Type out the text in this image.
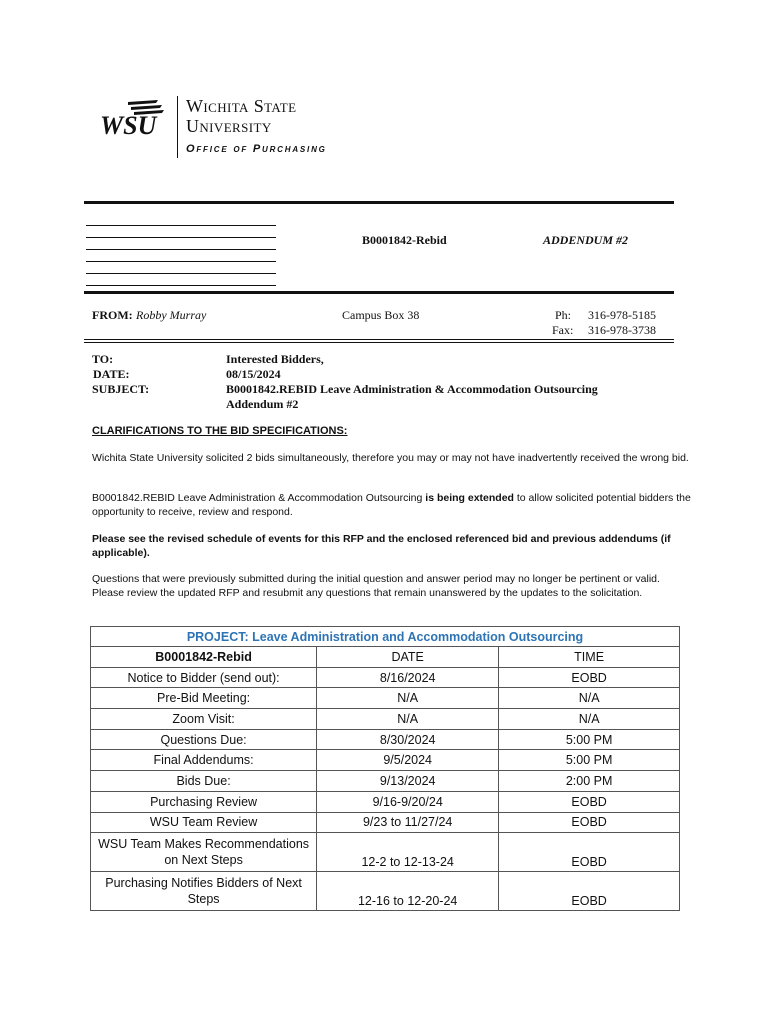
WSU
Wichita State
University
Office of Purchasing
B0001842-Rebid	ADDENDUM #2
FROM: Robby Murray	Campus Box 38	Ph: 316-978-5185
Fax: 316-978-3738
TO:	Interested Bidders,
DATE:	08/15/2024
SUBJECT:	B0001842.REBID Leave Administration & Accommodation Outsourcing
Addendum #2
CLARIFICATIONS TO THE BID SPECIFICATIONS:
Wichita State University solicited 2 bids simultaneously, therefore you may or may not have inadvertently received the wrong bid.
B0001842.REBID Leave Administration & Accommodation Outsourcing is being extended to allow solicited potential bidders the opportunity to receive, review and respond.
Please see the revised schedule of events for this RFP and the enclosed referenced bid and previous addendums (if applicable).
Questions that were previously submitted during the initial question and answer period may no longer be pertinent or valid. Please review the updated RFP and resubmit any questions that remain unanswered by the updates to the solicitation.
PROJECT: Leave Administration and Accommodation Outsourcing		
B0001842-Rebid	DATE	TIME
Notice to Bidder (send out):	8/16/2024	EOBD
Pre-Bid Meeting:	N/A	N/A
Zoom Visit:	N/A	N/A
Questions Due:	8/30/2024	5:00 PM
Final Addendums:	9/5/2024	5:00 PM
Bids Due:	9/13/2024	2:00 PM
Purchasing Review	9/16-9/20/24	EOBD
WSU Team Review	9/23 to 11/27/24	EOBD

WSU Team Makes Recommendations
on Next Steps	12-2 to 12-13-24	EOBD

Purchasing Notifies Bidders of Next
Steps	12-16 to 12-20-24	EOBD
